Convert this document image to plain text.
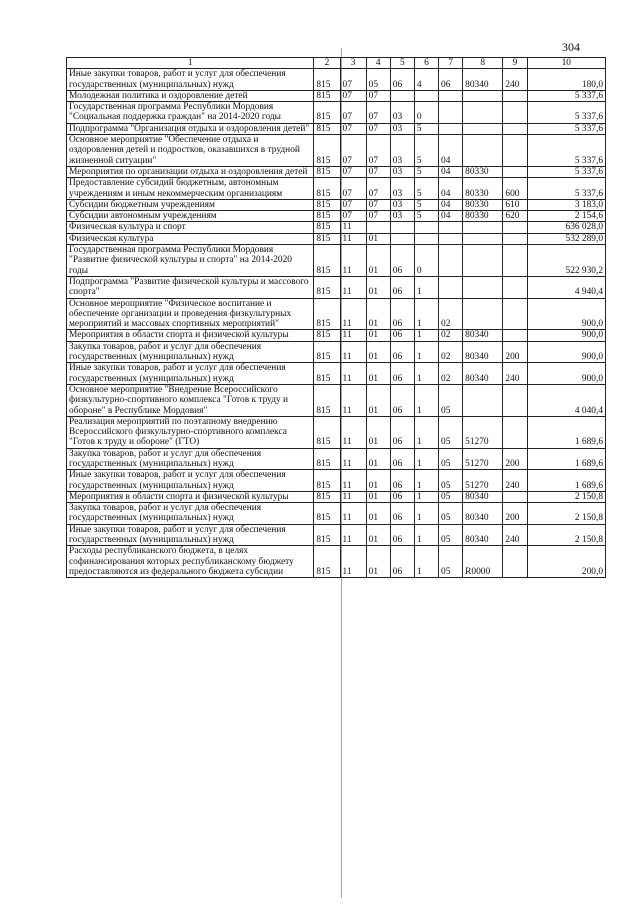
304
1	2	3	4	5	6	7	8	9	10
Иные закупки товаров, работ и услуг для обеспечения государственных (муниципальных) нужд	815	07	05	06	4	06	80340	240	180,0
Молодежная политика и оздоровление детей	815	07	07						5 337,6
Государственная программа Республики Мордовия "Социальная поддержка граждан" на 2014-2020 годы	815	07	07	03	0				5 337,6
Подпрограмма "Организация отдыха и оздоровления детей"	815	07	07	03	5				5 337,6
Основное мероприятие "Обеспечение отдыха и оздоровления детей и подростков, оказавшихся в трудной жизненной ситуации"	815	07	07	03	5	04			5 337,6
Мероприятия по организации отдыха и оздоровления детей	815	07	07	03	5	04	80330		5 337,6
Предоставление субсидий бюджетным, автономным учреждениям и иным некоммерческим организациям	815	07	07	03	5	04	80330	600	5 337,6
Субсидии бюджетным учреждениям	815	07	07	03	5	04	80330	610	3 183,0
Субсидии автономным учреждениям	815	07	07	03	5	04	80330	620	2 154,6
Физическая культура и спорт	815	11							636 028,0
Физическая культура	815	11	01						532 289,0
Государственная программа Республики Мордовия "Развитие физической культуры и спорта" на 2014-2020 годы	815	11	01	06	0				522 930,2
Подпрограмма "Развитие физической культуры и массового спорта"	815	11	01	06	1				4 940,4
Основное мероприятие "Физическое воспитание и обеспечение организации и проведения физкультурных мероприятий и массовых спортивных мероприятий"	815	11	01	06	1	02			900,0
Мероприятия в области спорта и физической культуры	815	11	01	06	1	02	80340		900,0
Закупка товаров, работ и услуг для обеспечения государственных (муниципальных) нужд	815	11	01	06	1	02	80340	200	900,0
Иные закупки товаров, работ и услуг для обеспечения государственных (муниципальных) нужд	815	11	01	06	1	02	80340	240	900,0
Основное мероприятие "Внедрение Всероссийского физкультурно-спортивного комплекса "Готов к труду и обороне" в Республике Мордовия"	815	11	01	06	1	05			4 040,4
Реализация мероприятий по поэтапному внедрению Всероссийского физкультурно-спортивного комплекса "Готов к труду и обороне" (ГТО)	815	11	01	06	1	05	51270		1 689,6
Закупка товаров, работ и услуг для обеспечения государственных (муниципальных) нужд	815	11	01	06	1	05	51270	200	1 689,6
Иные закупки товаров, работ и услуг для обеспечения государственных (муниципальных) нужд	815	11	01	06	1	05	51270	240	1 689,6
Мероприятия в области спорта и физической культуры	815	11	01	06	1	05	80340		2 150,8
Закупка товаров, работ и услуг для обеспечения государственных (муниципальных) нужд	815	11	01	06	1	05	80340	200	2 150,8
Иные закупки товаров, работ и услуг для обеспечения государственных (муниципальных) нужд	815	11	01	06	1	05	80340	240	2 150,8
Расходы республиканского бюджета, в целях софинансирования которых республиканскому бюджету предоставляются из федерального бюджета субсидии	815	11	01	06	1	05	R0000		200,0
